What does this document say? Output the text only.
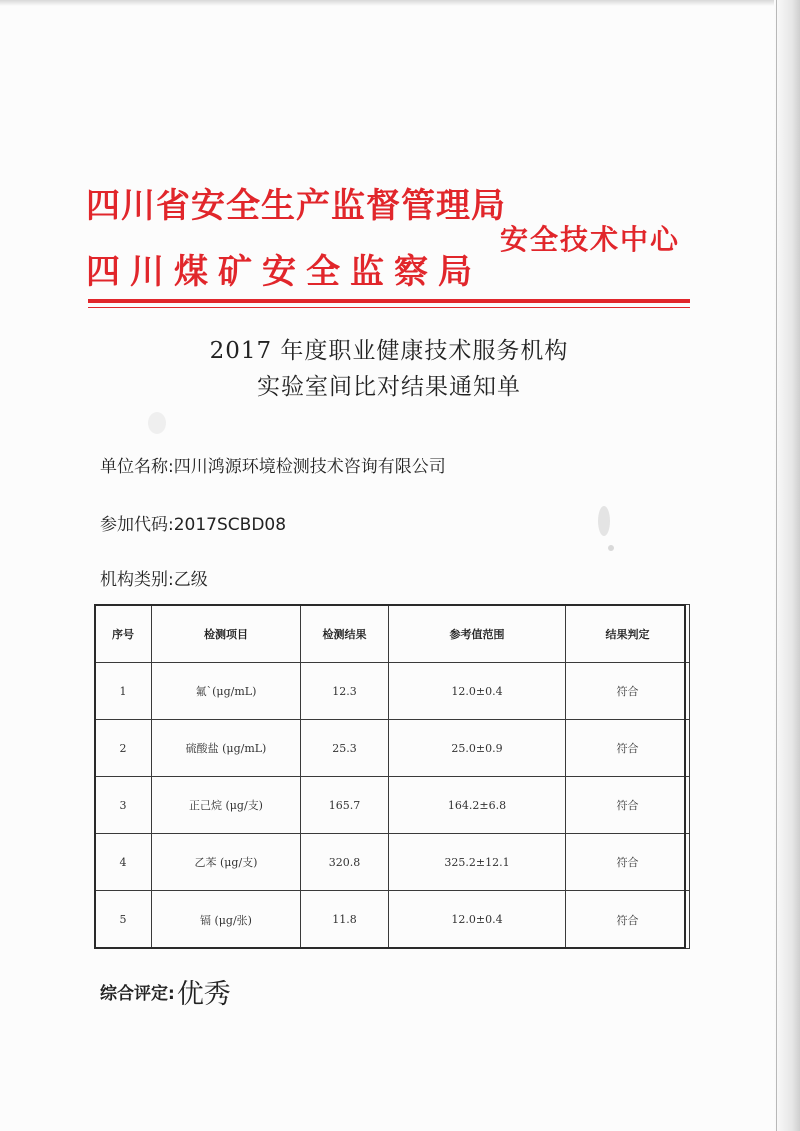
四川省安全生产监督管理局
四川煤矿安全监察局
安全技术中心
2017 年度职业健康技术服务机构
实验室间比对结果通知单
单位名称:四川鸿源环境检测技术咨询有限公司
参加代码:2017SCBD08
机构类别:乙级
序号	检测项目	检测结果	参考值范围	结果判定
1	氟`(μg/mL)	12.3	12.0±0.4	符合
2	硫酸盐 (μg/mL)	25.3	25.0±0.9	符合
3	正己烷 (μg/支)	165.7	164.2±6.8	符合
4	乙苯 (μg/支)	320.8	325.2±12.1	符合
5	镉 (μg/张)	11.8	12.0±0.4	符合
综合评定:优秀
